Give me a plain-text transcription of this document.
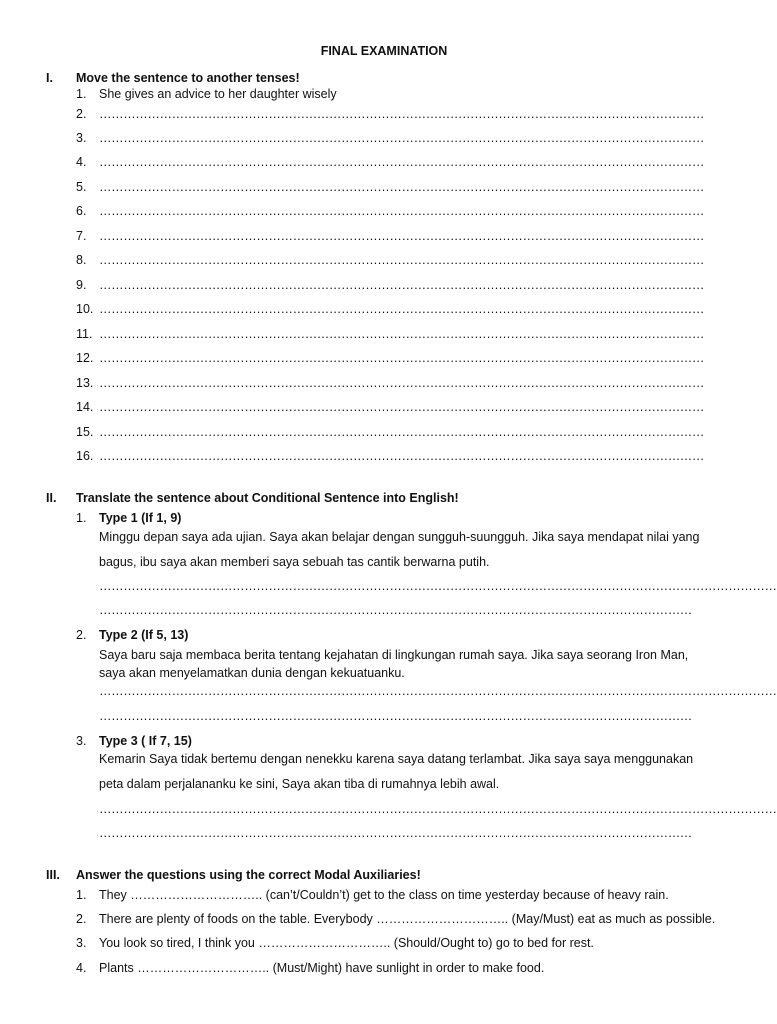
FINAL EXAMINATION
I. Move the sentence to another tenses!
1. She gives an advice to her daughter wisely
2. ……………………………………………………………………………………………………………………………………
3. ……………………………………………………………………………………………………………………………………
4. ……………………………………………………………………………………………………………………………………
5. ……………………………………………………………………………………………………………………………………
6. ……………………………………………………………………………………………………………………………………
7. ……………………………………………………………………………………………………………………………………
8. ……………………………………………………………………………………………………………………………………
9. ……………………………………………………………………………………………………………………………………
10. ……………………………………………………………………………………………………………………………………
11. ……………………………………………………………………………………………………………………………………
12. ……………………………………………………………………………………………………………………………………
13. ……………………………………………………………………………………………………………………………………
14. ……………………………………………………………………………………………………………………………………
15. ……………………………………………………………………………………………………………………………………
16. ……………………………………………………………………………………………………………………………………
II. Translate the sentence about Conditional Sentence into English!
1. Type 1 (If 1, 9)
Minggu depan saya ada ujian. Saya akan belajar dengan sungguh-suungguh. Jika saya mendapat nilai yang
bagus, ibu saya akan memberi saya sebuah tas cantik berwarna putih.
……………………………………………………………………………………………………………………………………………………
…………………………………………………………………………………………………………………………………
2. Type 2 (If 5, 13)
Saya baru saja membaca berita tentang kejahatan di lingkungan rumah saya. Jika saya seorang Iron Man,
saya akan menyelamatkan dunia dengan kekuatuanku.
……………………………………………………………………………………………………………………………………………………
…………………………………………………………………………………………………………………………………
3. Type 3 ( If 7, 15)
Kemarin Saya tidak bertemu dengan nenekku karena saya datang terlambat. Jika saya saya menggunakan
peta dalam perjalananku ke sini, Saya akan tiba di rumahnya lebih awal.
……………………………………………………………………………………………………………………………………………………
…………………………………………………………………………………………………………………………………
III. Answer the questions using the correct Modal Auxiliaries!
1. They ………………………….. (can’t/Couldn’t) get to the class on time yesterday because of heavy rain.
2. There are plenty of foods on the table. Everybody ………………………….. (May/Must) eat as much as possible.
3. You look so tired, I think you ………………………….. (Should/Ought to) go to bed for rest.
4. Plants ………………………….. (Must/Might) have sunlight in order to make food.
